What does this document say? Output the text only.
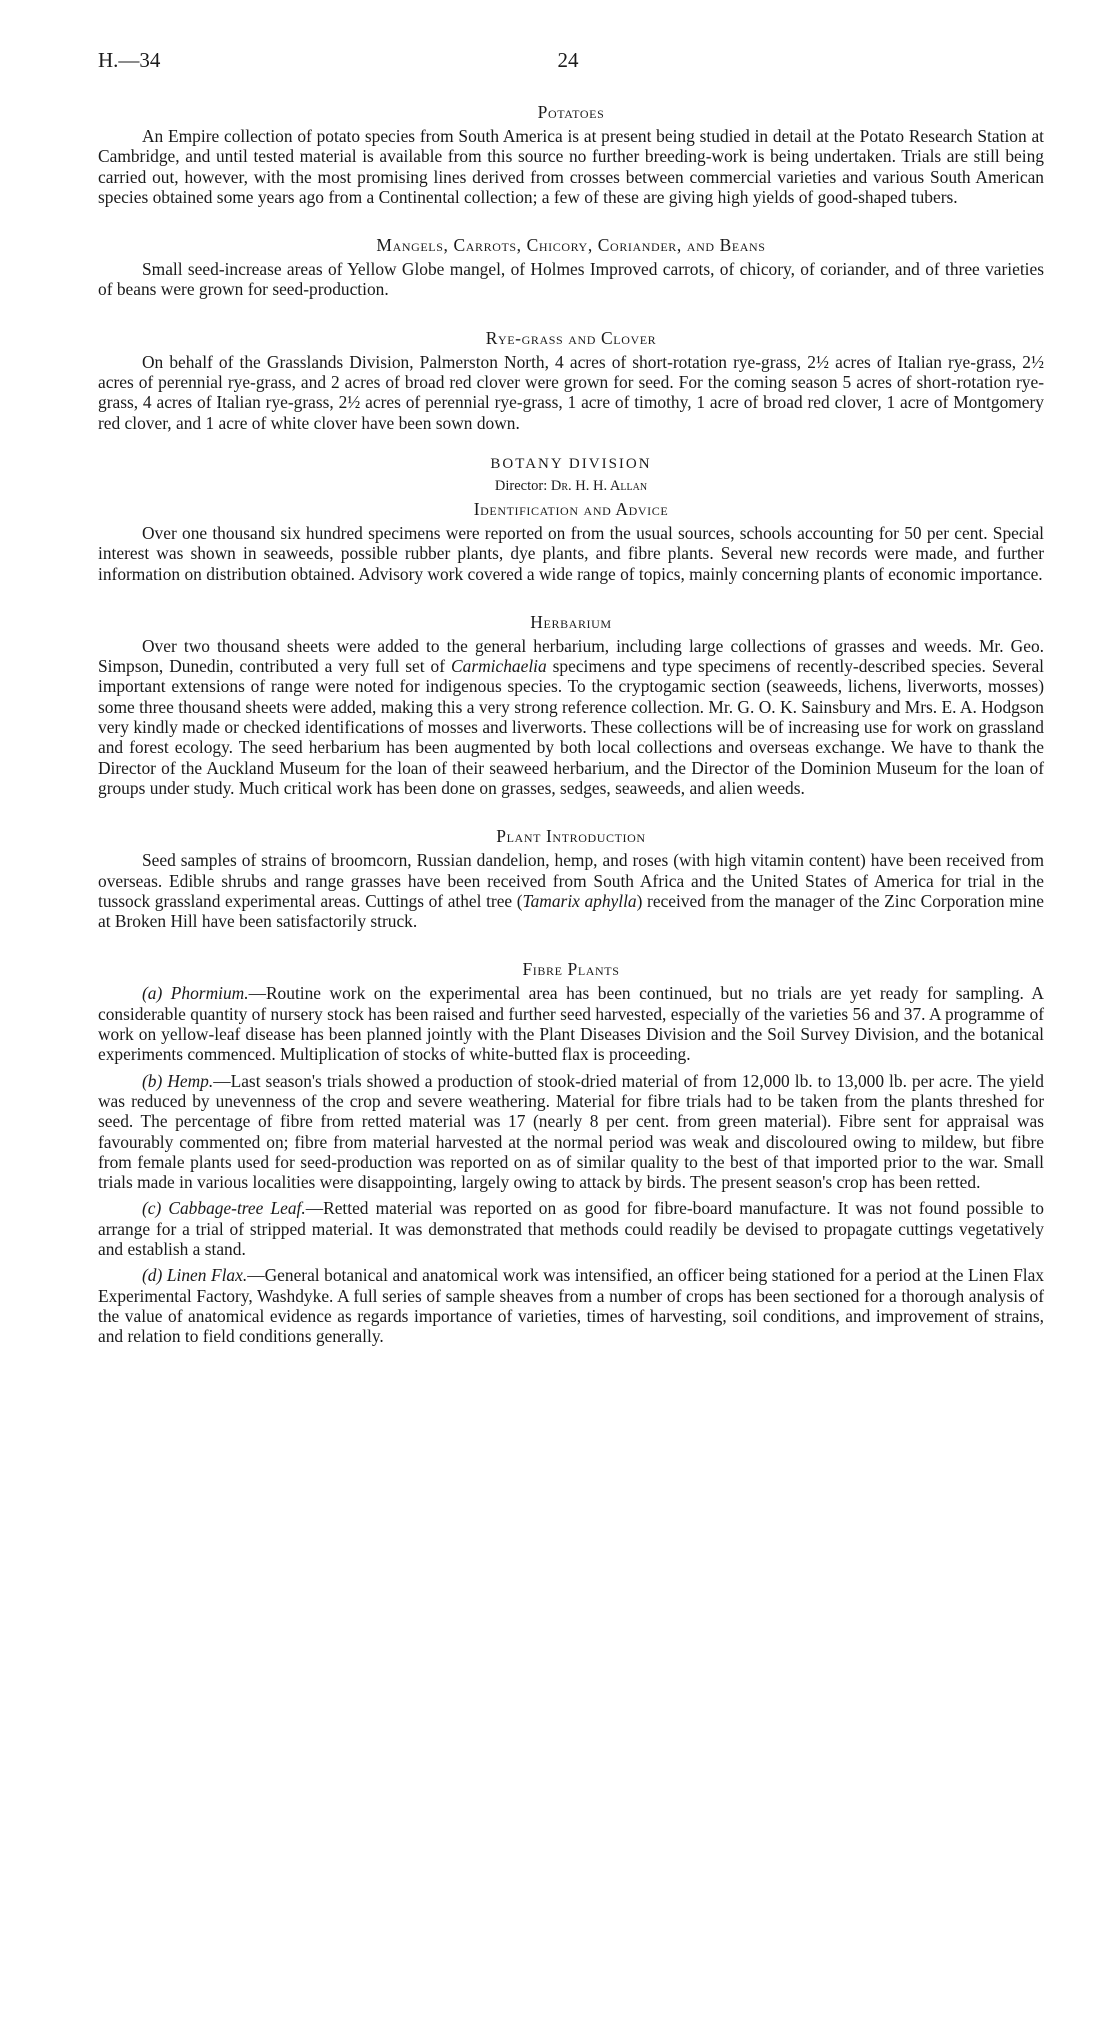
H.—34	24
Potatoes

An Empire collection of potato species from South America is at present being studied in detail at the Potato Research Station at Cambridge, and until tested material is available from this source no further breeding-work is being undertaken. Trials are still being carried out, however, with the most promising lines derived from crosses between commercial varieties and various South American species obtained some years ago from a Continental collection; a few of these are giving high yields of good-shaped tubers.

Mangels, Carrots, Chicory, Coriander, and Beans

Small seed-increase areas of Yellow Globe mangel, of Holmes Improved carrots, of chicory, of coriander, and of three varieties of beans were grown for seed-production.

Rye-grass and Clover

On behalf of the Grasslands Division, Palmerston North, 4 acres of short-rotation rye-grass, 2½ acres of Italian rye-grass, 2½ acres of perennial rye-grass, and 2 acres of broad red clover were grown for seed. For the coming season 5 acres of short-rotation rye-grass, 4 acres of Italian rye-grass, 2½ acres of perennial rye-grass, 1 acre of timothy, 1 acre of broad red clover, 1 acre of Montgomery red clover, and 1 acre of white clover have been sown down.

BOTANY DIVISION
Director: Dr. H. H. Allan
Identification and Advice

Over one thousand six hundred specimens were reported on from the usual sources, schools accounting for 50 per cent. Special interest was shown in seaweeds, possible rubber plants, dye plants, and fibre plants. Several new records were made, and further information on distribution obtained. Advisory work covered a wide range of topics, mainly concerning plants of economic importance.

Herbarium

Over two thousand sheets were added to the general herbarium, including large collections of grasses and weeds. Mr. Geo. Simpson, Dunedin, contributed a very full set of Carmichaelia specimens and type specimens of recently-described species. Several important extensions of range were noted for indigenous species. To the cryptogamic section (seaweeds, lichens, liverworts, mosses) some three thousand sheets were added, making this a very strong reference collection. Mr. G. O. K. Sainsbury and Mrs. E. A. Hodgson very kindly made or checked identifications of mosses and liverworts. These collections will be of increasing use for work on grassland and forest ecology. The seed herbarium has been augmented by both local collections and overseas exchange. We have to thank the Director of the Auckland Museum for the loan of their seaweed herbarium, and the Director of the Dominion Museum for the loan of groups under study. Much critical work has been done on grasses, sedges, seaweeds, and alien weeds.

Plant Introduction

Seed samples of strains of broomcorn, Russian dandelion, hemp, and roses (with high vitamin content) have been received from overseas. Edible shrubs and range grasses have been received from South Africa and the United States of America for trial in the tussock grassland experimental areas. Cuttings of athel tree (Tamarix aphylla) received from the manager of the Zinc Corporation mine at Broken Hill have been satisfactorily struck.

Fibre Plants

(a) Phormium.—Routine work on the experimental area has been continued, but no trials are yet ready for sampling. A considerable quantity of nursery stock has been raised and further seed harvested, especially of the varieties 56 and 37. A programme of work on yellow-leaf disease has been planned jointly with the Plant Diseases Division and the Soil Survey Division, and the botanical experiments commenced. Multiplication of stocks of white-butted flax is proceeding.

(b) Hemp.—Last season's trials showed a production of stook-dried material of from 12,000 lb. to 13,000 lb. per acre. The yield was reduced by unevenness of the crop and severe weathering. Material for fibre trials had to be taken from the plants threshed for seed. The percentage of fibre from retted material was 17 (nearly 8 per cent. from green material). Fibre sent for appraisal was favourably commented on; fibre from material harvested at the normal period was weak and discoloured owing to mildew, but fibre from female plants used for seed-production was reported on as of similar quality to the best of that imported prior to the war. Small trials made in various localities were disappointing, largely owing to attack by birds. The present season's crop has been retted.

(c) Cabbage-tree Leaf.—Retted material was reported on as good for fibre-board manufacture. It was not found possible to arrange for a trial of stripped material. It was demonstrated that methods could readily be devised to propagate cuttings vegetatively and establish a stand.

(d) Linen Flax.—General botanical and anatomical work was intensified, an officer being stationed for a period at the Linen Flax Experimental Factory, Washdyke. A full series of sample sheaves from a number of crops has been sectioned for a thorough analysis of the value of anatomical evidence as regards importance of varieties, times of harvesting, soil conditions, and improvement of strains, and relation to field conditions generally.
